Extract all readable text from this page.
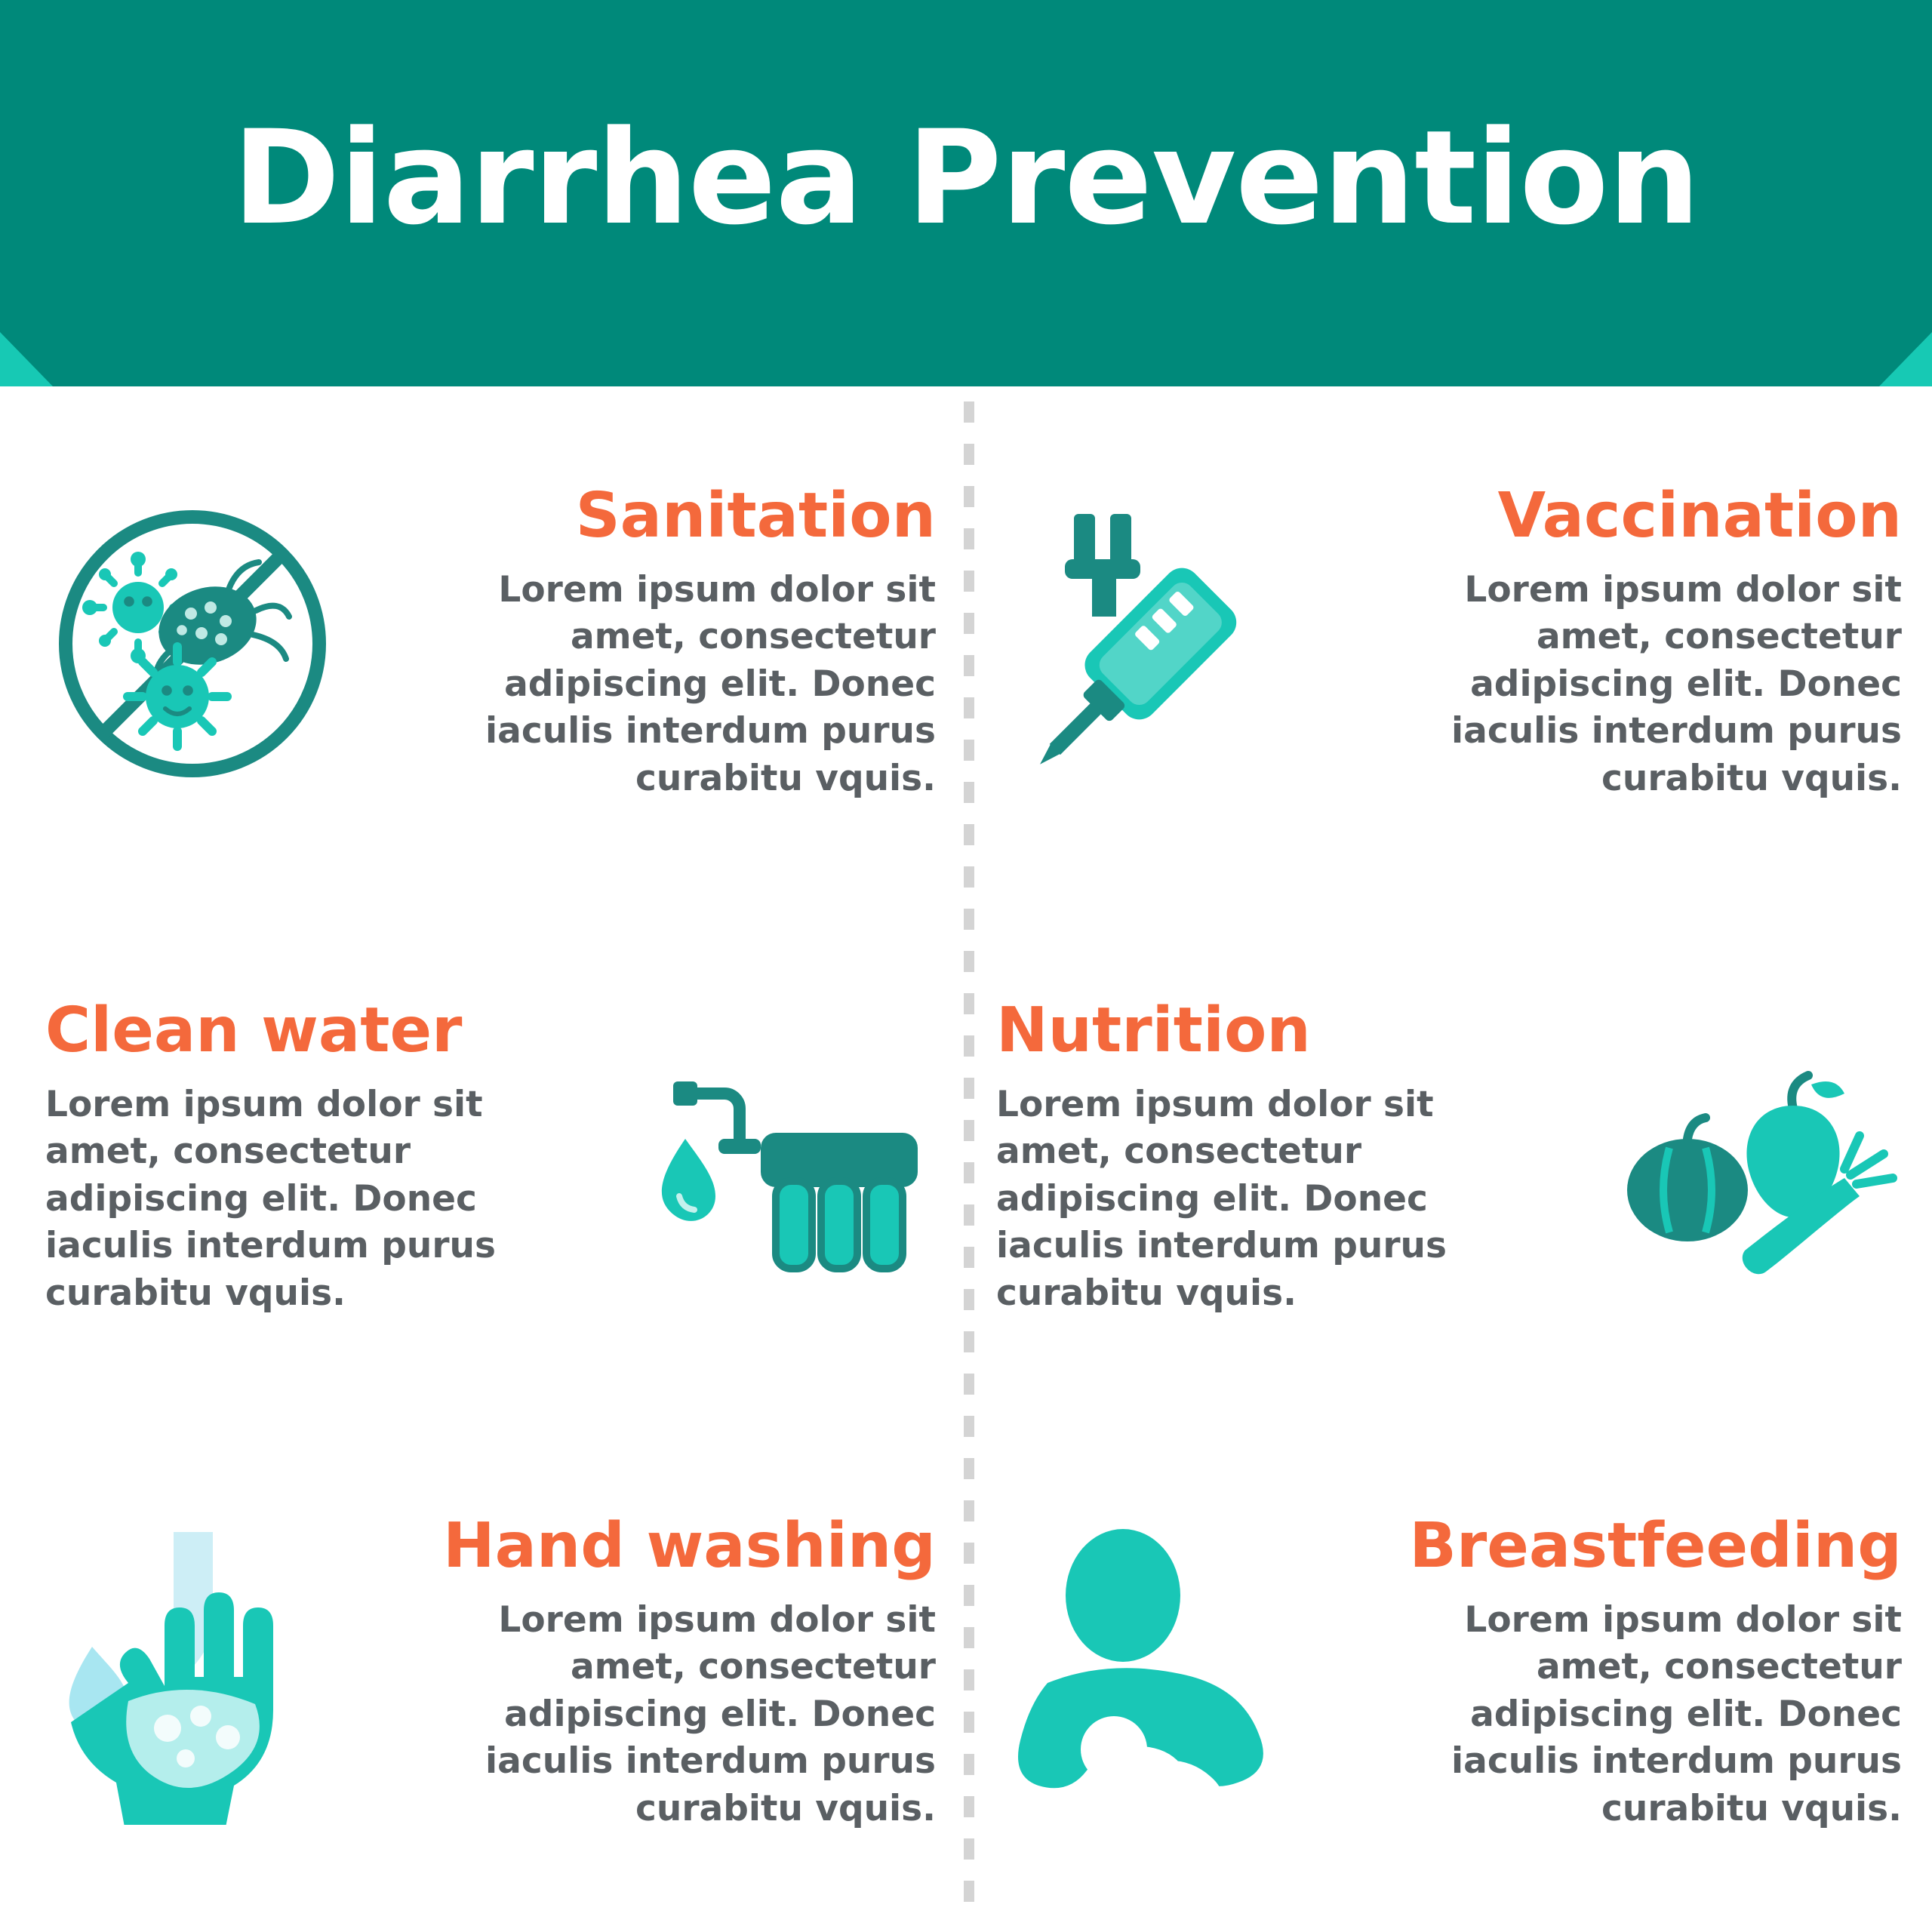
Diarrhea Prevention
Sanitation
Lorem ipsum dolor sit amet, consectetur adipiscing elit. Donec iaculis interdum purus curabitu vquis.
Vaccination
Lorem ipsum dolor sit amet, consectetur adipiscing elit. Donec iaculis interdum purus curabitu vquis.
Clean water
Lorem ipsum dolor sit amet, consectetur adipiscing elit. Donec iaculis interdum purus curabitu vquis.
Nutrition
Lorem ipsum dolor sit amet, consectetur adipiscing elit. Donec iaculis interdum purus curabitu vquis.
Hand washing
Lorem ipsum dolor sit amet, consectetur adipiscing elit. Donec iaculis interdum purus curabitu vquis.
Breastfeeding
Lorem ipsum dolor sit amet, consectetur adipiscing elit. Donec iaculis interdum purus curabitu vquis.
